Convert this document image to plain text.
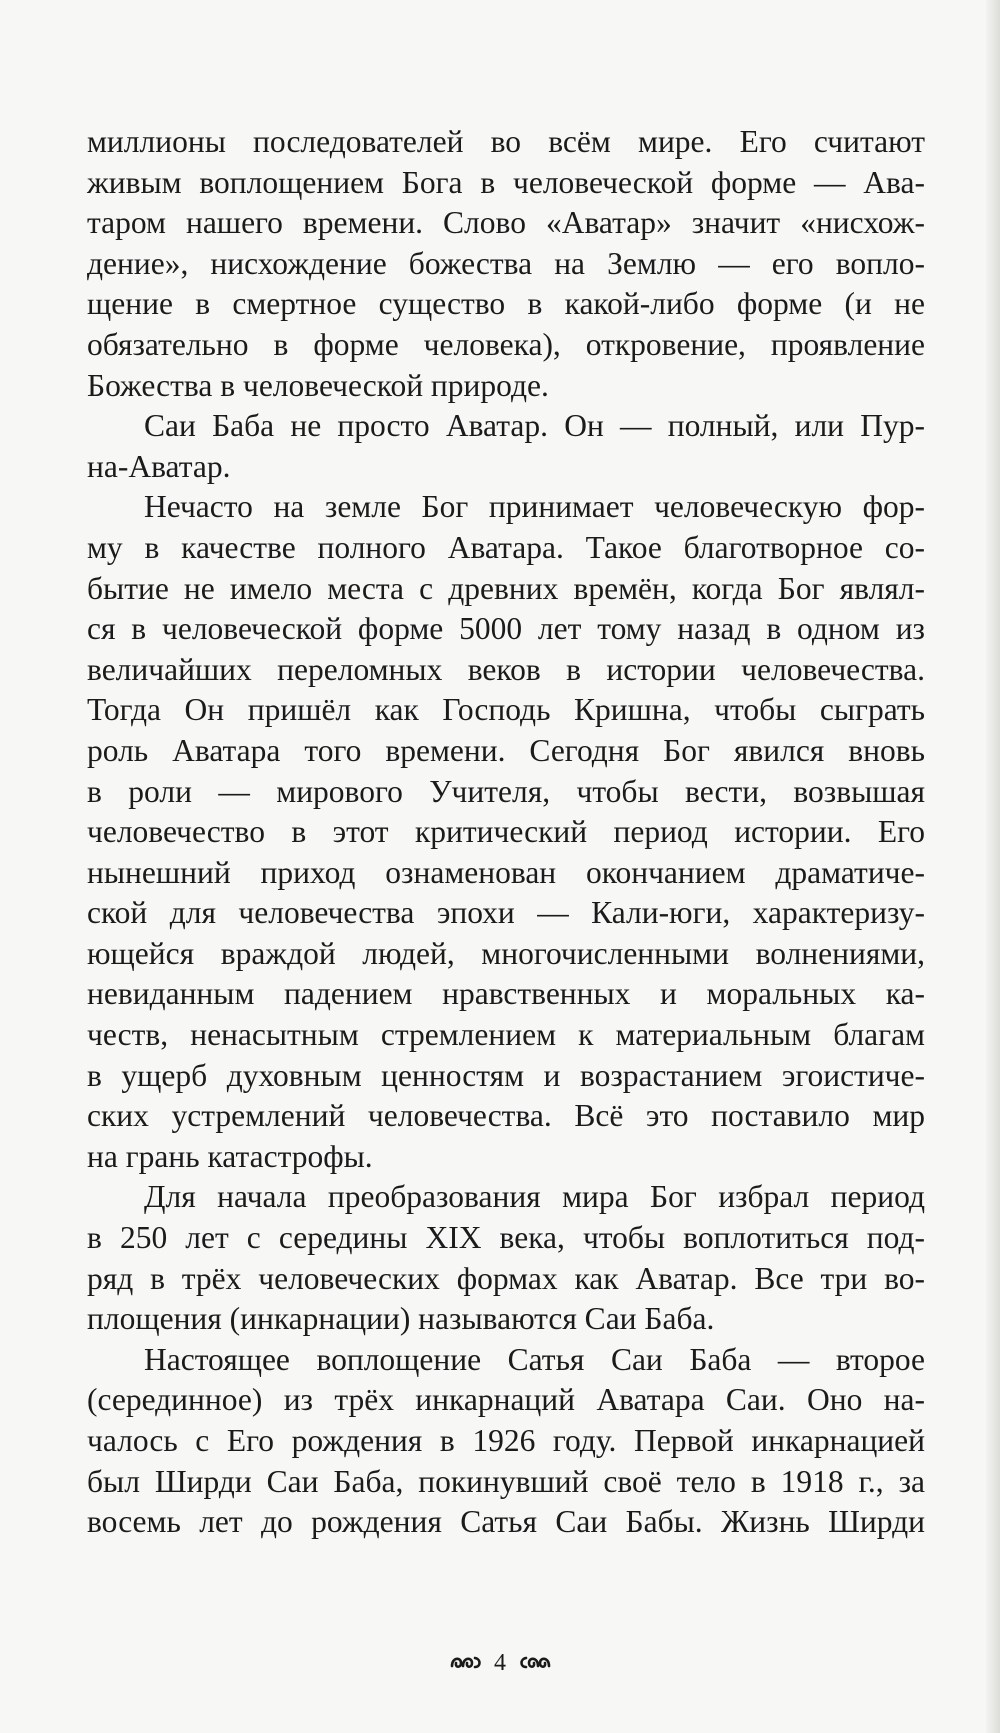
миллионы последователей во всём мире. Его считают
живым воплощением Бога в человеческой форме — Ава-
таром нашего времени. Слово «Аватар» значит «нисхож-
дение», нисхождение божества на Землю — его вопло-
щение в смертное существо в какой-либо форме (и не
обязательно в форме человека), откровение, проявление
Божества в человеческой природе.
Саи Баба не просто Аватар. Он — полный, или Пур-
на-Аватар.
Нечасто на земле Бог принимает человеческую фор-
му в качестве полного Аватара. Такое благотворное со-
бытие не имело места с древних времён, когда Бог являл-
ся в человеческой форме 5000 лет тому назад в одном из
величайших переломных веков в истории человечества.
Тогда Он пришёл как Господь Кришна, чтобы сыграть
роль Аватара того времени. Сегодня Бог явился вновь
в роли — мирового Учителя, чтобы вести, возвышая
человечество в этот критический период истории. Его
нынешний приход ознаменован окончанием драматиче-
ской для человечества эпохи — Кали-юги, характеризу-
ющейся враждой людей, многочисленными волнениями,
невиданным падением нравственных и моральных ка-
честв, ненасытным стремлением к материальным благам
в ущерб духовным ценностям и возрастанием эгоистиче-
ских устремлений человечества. Всё это поставило мир
на грань катастрофы.
Для начала преобразования мира Бог избрал период
в 250 лет с середины XIX века, чтобы воплотиться под-
ряд в трёх человеческих формах как Аватар. Все три во-
площения (инкарнации) называются Саи Баба.
Настоящее воплощение Сатья Саи Баба — второе
(серединное) из трёх инкарнаций Аватара Саи. Оно на-
чалось с Его рождения в 1926 году. Первой инкарнацией
был Ширди Саи Баба, покинувший своё тело в 1918 г., за
восемь лет до рождения Сатья Саи Бабы. Жизнь Ширди
4
